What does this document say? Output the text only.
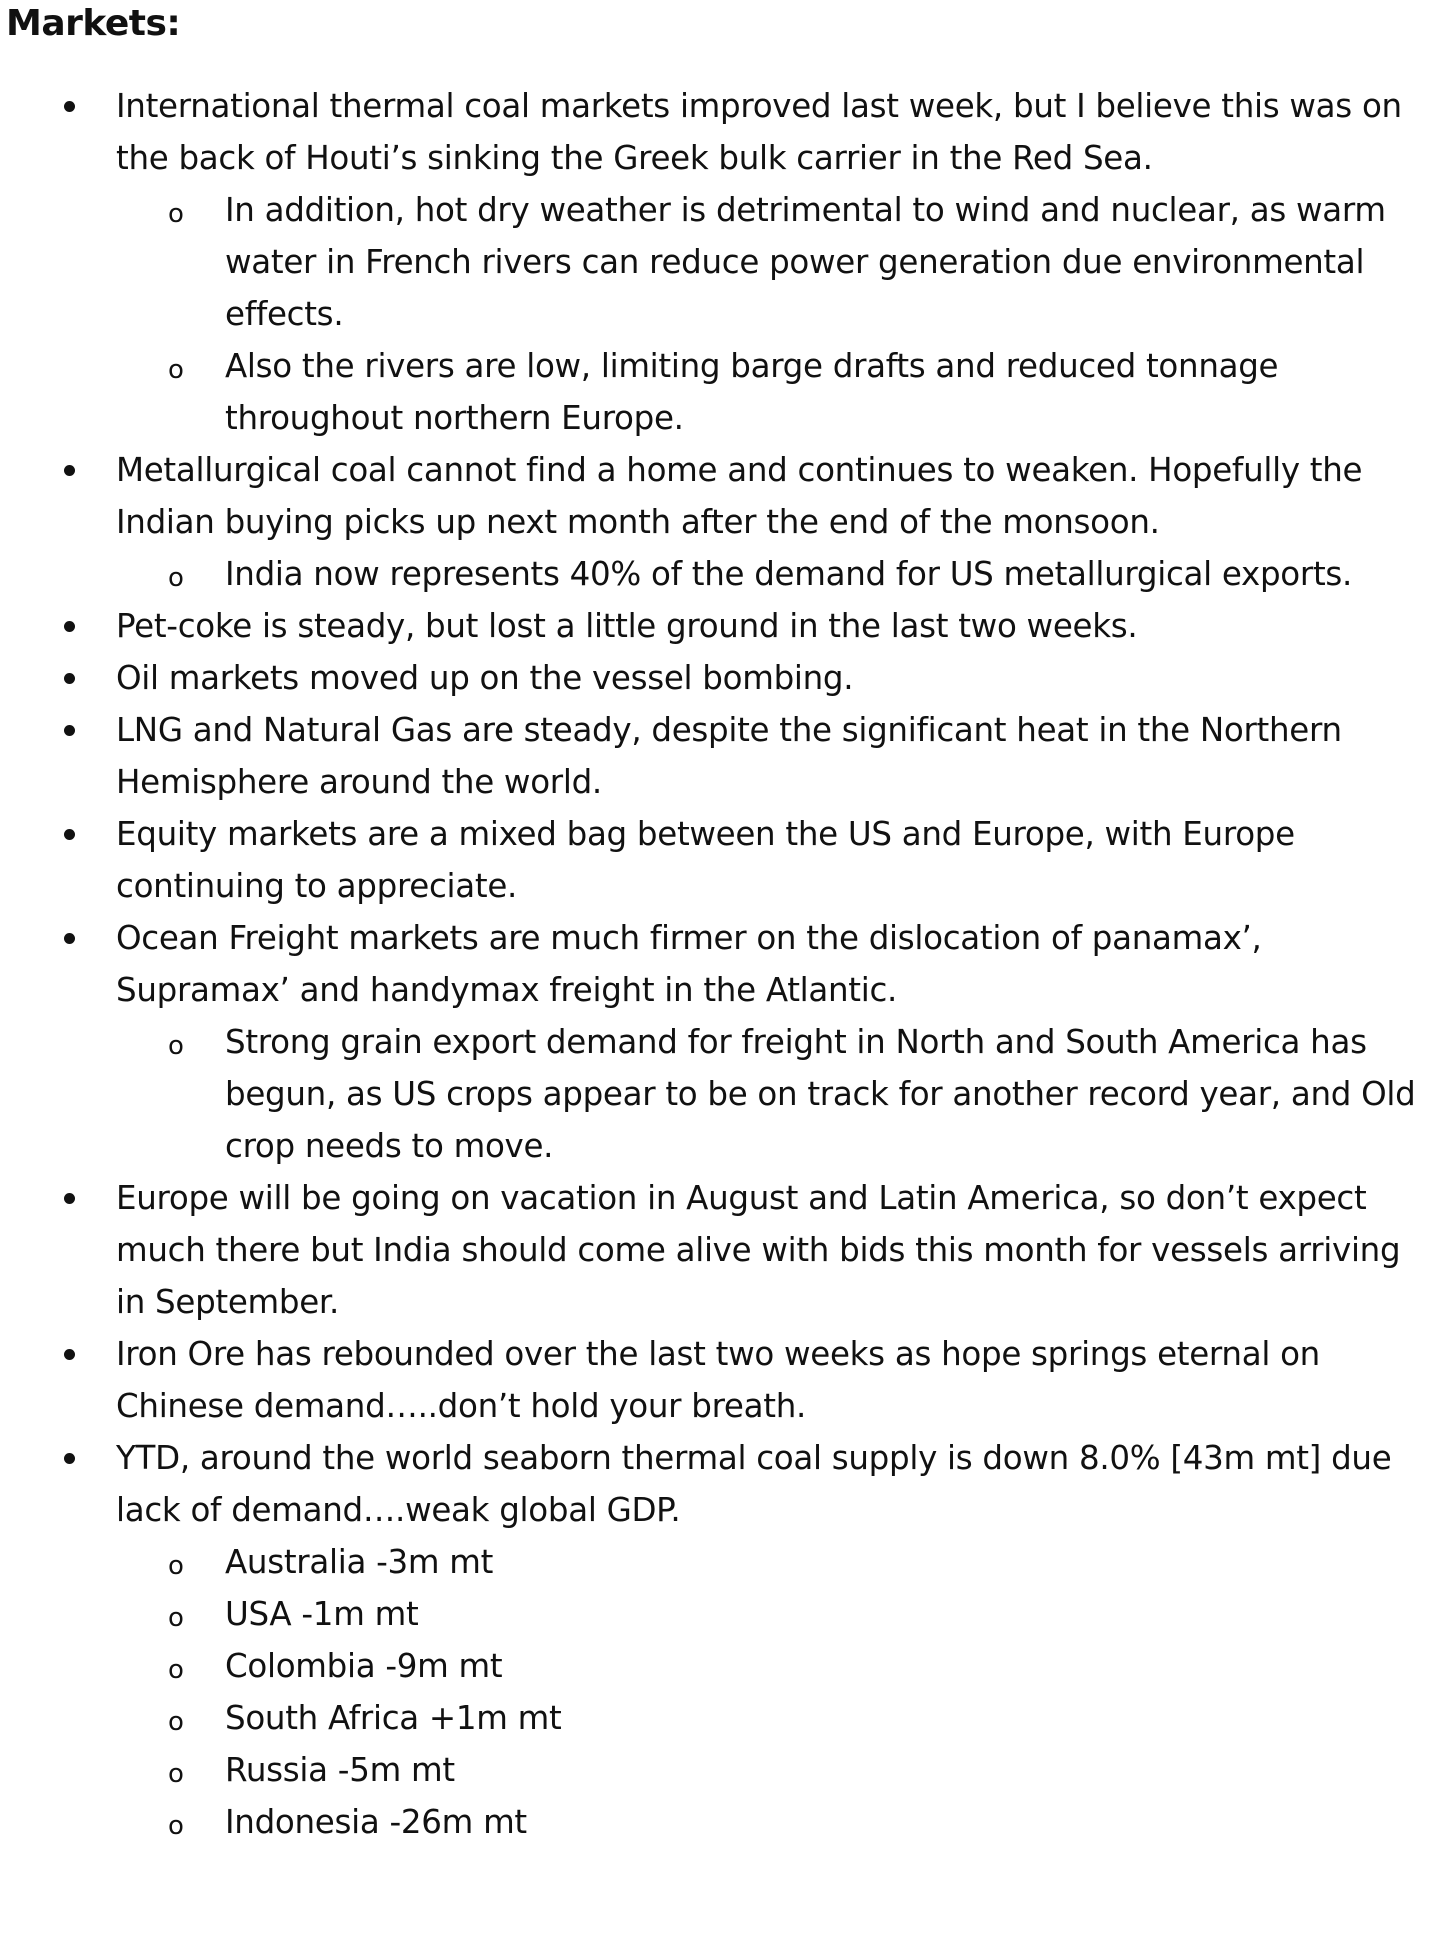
Markets:
International thermal coal markets improved last week, but I believe this was on the back of Houti’s sinking the Greek bulk carrier in the Red Sea.
o In addition, hot dry weather is detrimental to wind and nuclear, as warm water in French rivers can reduce power generation due environmental effects.
o Also the rivers are low, limiting barge drafts and reduced tonnage throughout northern Europe.
Metallurgical coal cannot find a home and continues to weaken. Hopefully the Indian buying picks up next month after the end of the monsoon.
o India now represents 40% of the demand for US metallurgical exports.
Pet-coke is steady, but lost a little ground in the last two weeks.
Oil markets moved up on the vessel bombing.
LNG and Natural Gas are steady, despite the significant heat in the Northern Hemisphere around the world.
Equity markets are a mixed bag between the US and Europe, with Europe continuing to appreciate.
Ocean Freight markets are much firmer on the dislocation of panamax’, Supramax’ and handymax freight in the Atlantic.
o Strong grain export demand for freight in North and South America has begun, as US crops appear to be on track for another record year, and Old crop needs to move.
Europe will be going on vacation in August and Latin America, so don’t expect much there but India should come alive with bids this month for vessels arriving in September.
Iron Ore has rebounded over the last two weeks as hope springs eternal on Chinese demand…..don’t hold your breath.
YTD, around the world seaborn thermal coal supply is down 8.0% [43m mt] due lack of demand….weak global GDP.
o Australia -3m mt
o USA -1m mt
o Colombia -9m mt
o South Africa +1m mt
o Russia -5m mt
o Indonesia -26m mt
